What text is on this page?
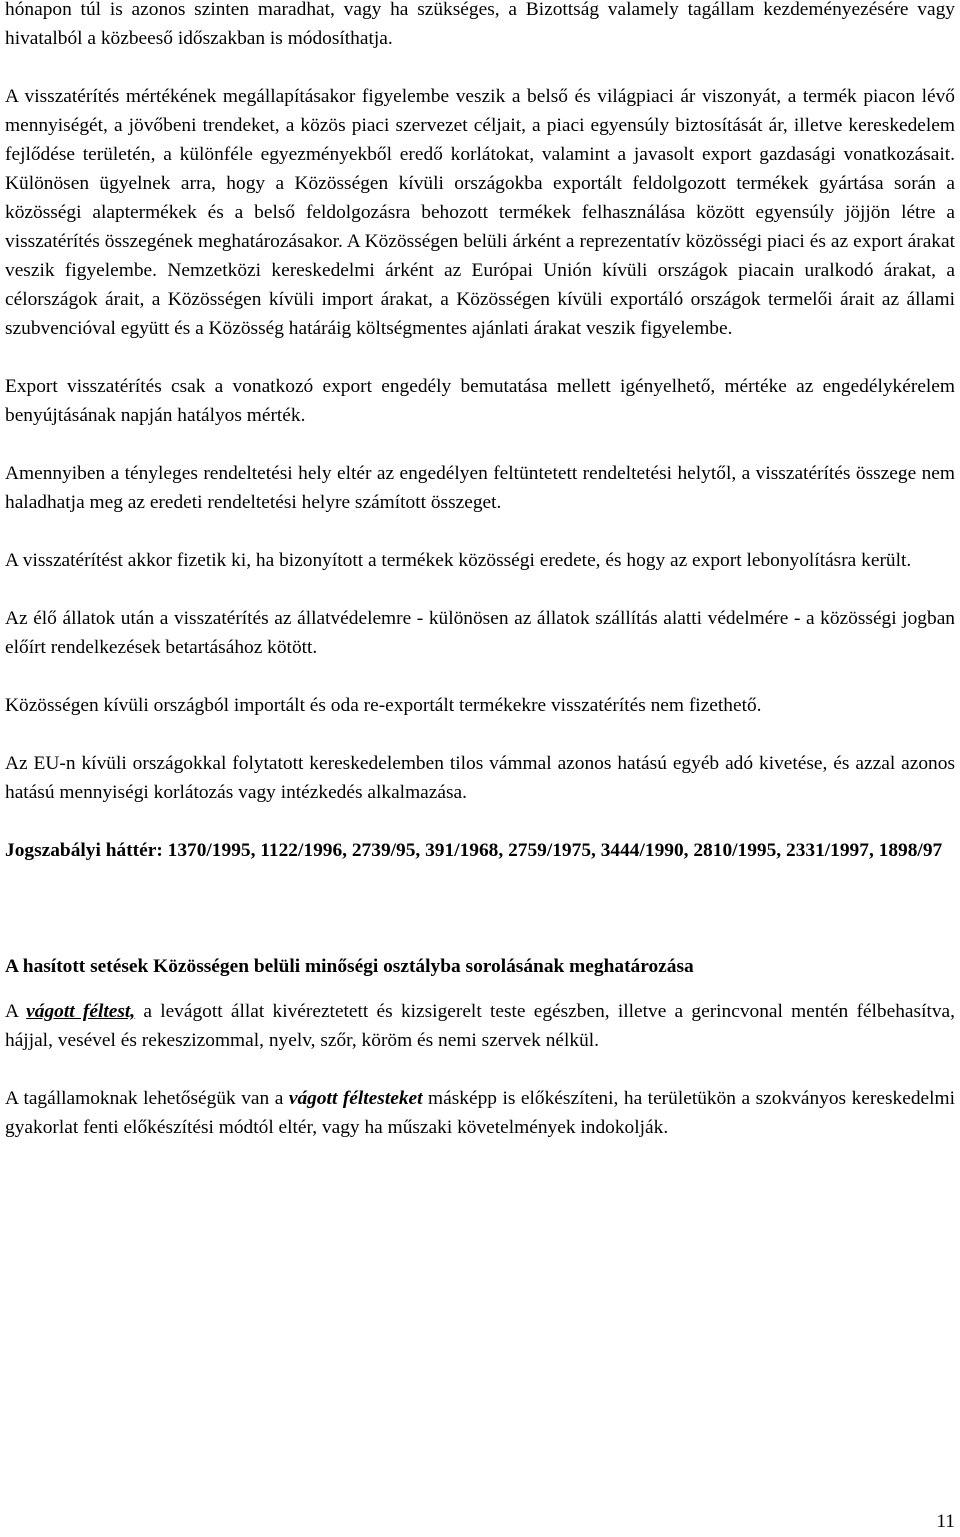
hónapon túl is azonos szinten maradhat, vagy ha szükséges, a Bizottság valamely tagállam kezdeményezésére vagy hivatalból a közbeeső időszakban is módosíthatja.

A visszatérítés mértékének megállapításakor figyelembe veszik a belső és világpiaci ár viszonyát, a termék piacon lévő mennyiségét, a jövőbeni trendeket, a közös piaci szervezet céljait, a piaci egyensúly biztosítását ár, illetve kereskedelem fejlődése területén, a különféle egyezményekből eredő korlátokat, valamint a javasolt export gazdasági vonatkozásait. Különösen ügyelnek arra, hogy a Közösségen kívüli országokba exportált feldolgozott termékek gyártása során a közösségi alaptermékek és a belső feldolgozásra behozott termékek felhasználása között egyensúly jöjjön létre a visszatérítés összegének meghatározásakor. A Közösségen belüli árként a reprezentatív közösségi piaci és az export árakat veszik figyelembe. Nemzetközi kereskedelmi árként az Európai Unión kívüli országok piacain uralkodó árakat, a célországok árait, a Közösségen kívüli import árakat, a Közösségen kívüli exportáló országok termelői árait az állami szubvencióval együtt és a Közösség határáig költségmentes ajánlati árakat veszik figyelembe.

Export visszatérítés csak a vonatkozó export engedély bemutatása mellett igényelhető, mértéke az engedélykérelem benyújtásának napján hatályos mérték.

Amennyiben a tényleges rendeltetési hely eltér az engedélyen feltüntetett rendeltetési helytől, a visszatérítés összege nem haladhatja meg az eredeti rendeltetési helyre számított összeget.

A visszatérítést akkor fizetik ki, ha bizonyított a termékek közösségi eredete, és hogy az export lebonyolításra került.

Az élő állatok után a visszatérítés az állatvédelemre - különösen az állatok szállítás alatti védelmére - a közösségi jogban előírt rendelkezések betartásához kötött.

Közösségen kívüli országból importált és oda re-exportált termékekre visszatérítés nem fizethető.

Az EU-n kívüli országokkal folytatott kereskedelemben tilos vámmal azonos hatású egyéb adó kivetése, és azzal azonos hatású mennyiségi korlátozás vagy intézkedés alkalmazása.

Jogszabályi háttér: 1370/1995, 1122/1996, 2739/95, 391/1968, 2759/1975, 3444/1990, 2810/1995, 2331/1997, 1898/97

A hasított setések Közösségen belüli minőségi osztályba sorolásának meghatározása

A vágott féltest, a levágott állat kivéreztetett és kizsigerelt teste egészben, illetve a gerincvonal mentén félbehasítva, hájjal, vesével és rekeszizommal, nyelv, szőr, köröm és nemi szervek nélkül.

A tagállamoknak lehetőségük van a vágott féltesteket másképp is előkészíteni, ha területükön a szokványos kereskedelmi gyakorlat fenti előkészítési módtól eltér, vagy ha műszaki követelmények indokolják.

11
